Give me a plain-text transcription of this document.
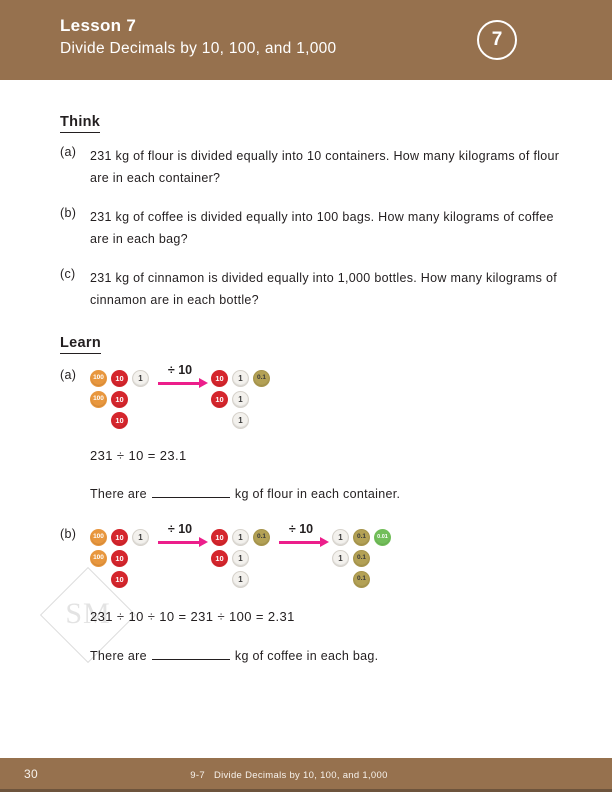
Lesson 7
Divide Decimals by 10, 100, and 1,000	7
Think
(a) 231 kg of flour is divided equally into 10 containers. How many kilograms of flour are in each container?
(b) 231 kg of coffee is divided equally into 100 bags. How many kilograms of coffee are in each bag?
(c) 231 kg of cinnamon is divided equally into 1,000 bottles. How many kilograms of cinnamon are in each bottle?
Learn
SM
(a)	100
100
10
10
10
1
÷ 10
10
10
1
1
1
0.1
231 ÷ 10 = 23.1
There are	kg of flour in each container.
(b)	100
100
10
10
10
1
÷ 10
10
10
1
1
1
0.1
÷ 10
1
1
0.1
0.1
0.1
0.01
231 ÷ 10 ÷ 10 = 231 ÷ 100 = 2.31
There are	kg of coffee in each bag.
30	9-7 Divide Decimals by 10, 100, and 1,000
